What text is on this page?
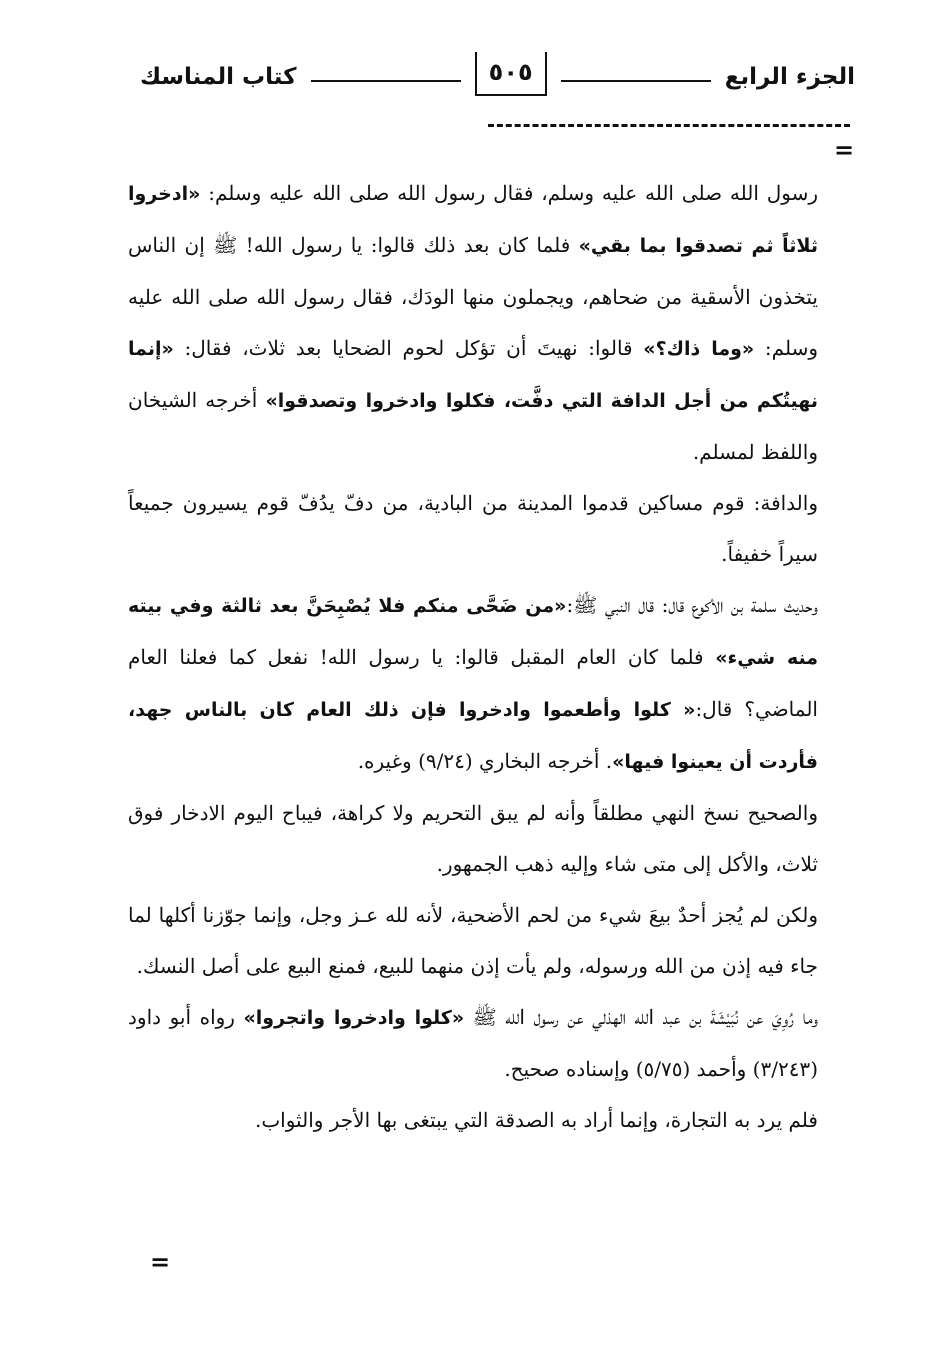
الجزء الرابع
٥٠٥
كتاب المناسك
=

رسول ﺍلله صلى ﺍلله عليه وسلم، فقال رسول ﺍلله صلى ﺍلله عليه وسلم: «ادخروا ثلاثاً ثم تصدقوا بما بقي» فلما كان بعد ذلك قالوا: يا رسول ﺍلله! ﷺ إن الناس يتخذون الأسقية من ضحاهم، ويجملون منها الودَك، فقال رسول ﺍلله صلى ﺍلله عليه وسلم: «وما ذاك؟» قالوا: نهيتَ أن تؤكل لحوم الضحايا بعد ثلاث، فقال: «إنما نهيتُكم من أجل الدافة التي دفَّت، فكلوا وادخروا وتصدقوا» أخرجه الشيخان واللفظ لمسلم.

والدافة: قوم مساكين قدموا المدينة من البادية، من دفّ يدُفّ قوم يسيرون جميعاً سيراً خفيفاً.

وحديث سلمة بن الأكوع قال: قال النبي ﷺ:«من ضَحَّى منكم فلا يُصْبِحَنَّ بعد ثالثة وفي بيته منه شيء» فلما كان العام المقبل قالوا: يا رسول ﺍلله! نفعل كما فعلنا العام الماضي؟ قال:« كلوا وأطعموا وادخروا فإن ذلك العام كان بالناس جهد، فأردت أن يعينوا فيها». أخرجه البخاري (٩/٢٤) وغيره.

والصحيح نسخ النهي مطلقاً وأنه لم يبق التحريم ولا كراهة، فيباح اليوم الادخار فوق ثلاث، والأكل إلى متى شاء وإليه ذهب الجمهور.

ولكن لم يُجز أحدٌ بيعَ شيء من لحم الأضحية، لأنه لله عـز وجل، وإنما جوّزنا أكلها لما جاء فيه إذن من ﺍلله ورسوله، ولم يأت إذن منهما للبيع، فمنع البيع على أصل النسك.

وما رُوِيَ عن نُبَيْشَةَ بن عبد ﺍلله الهذلي عن رسول ﺍلله ﷺ «كلوا وادخروا واتجروا» رواه أبو داود (٣/٢٤٣) وأحمد (٥/٧٥) وإسناده صحيح.

فلم يرد به التجارة، وإنما أراد به الصدقة التي يبتغى بها الأجر والثواب.

=
